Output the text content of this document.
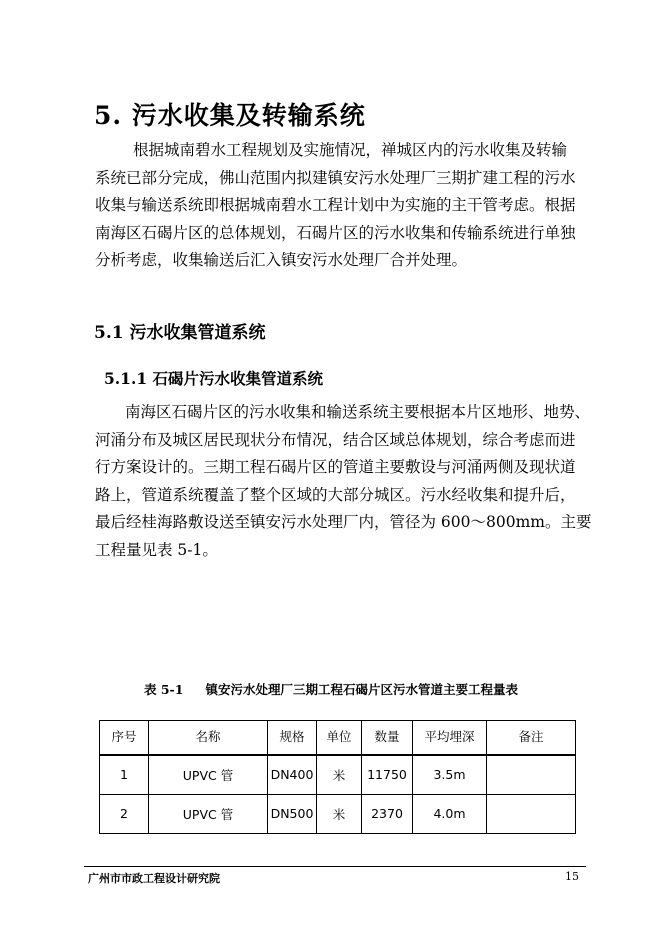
5. 污水收集及转输系统

根据城南碧水工程规划及实施情况，禅城区内的污水收集及转输

系统已部分完成，佛山范围内拟建镇安污水处理厂三期扩建工程的污水

收集与输送系统即根据城南碧水工程计划中为实施的主干管考虑。根据

南海区石碣片区的总体规划，石碣片区的污水收集和传输系统进行单独

分析考虑，收集输送后汇入镇安污水处理厂合并处理。

5.1 污水收集管道系统
5.1.1 石碣片污水收集管道系统

南海区石碣片区的污水收集和输送系统主要根据本片区地形、地势、

河涌分布及城区居民现状分布情况，结合区域总体规划，综合考虑而进

行方案设计的。三期工程石碣片区的管道主要敷设与河涌两侧及现状道

路上，管道系统覆盖了整个区域的大部分城区。污水经收集和提升后，

最后经桂海路敷设送至镇安污水处理厂内，管径为 600～800mm。主要

工程量见表 5-1。

表 5-1 镇安污水处理厂三期工程石碣片区污水管道主要工程量表
序号	名称	规格	单位	数量	平均埋深	备注
1	UPVC 管	DN400	米	11750	3.5m	
2	UPVC 管	DN500	米	2370	4.0m	
广州市市政工程设计研究院	15
